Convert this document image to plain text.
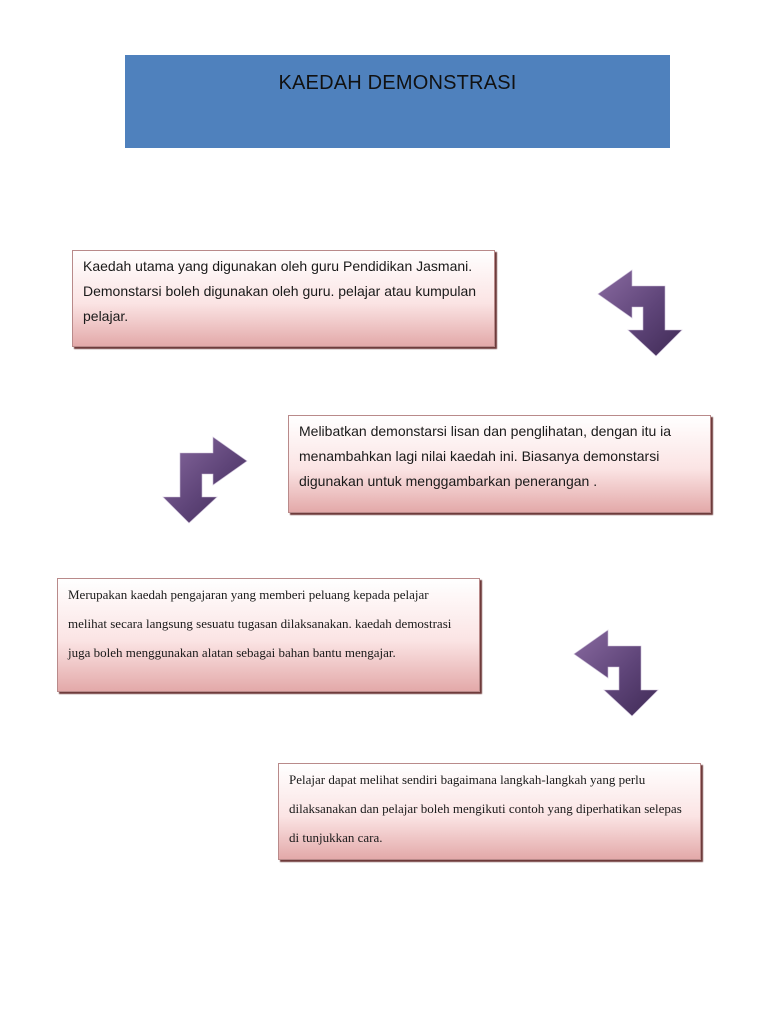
KAEDAH DEMONSTRASI
Kaedah utama yang digunakan oleh guru Pendidikan Jasmani. Demonstarsi boleh digunakan oleh guru. pelajar atau kumpulan pelajar.
Melibatkan demonstarsi lisan dan penglihatan, dengan itu ia menambahkan lagi nilai kaedah ini. Biasanya demonstarsi digunakan untuk menggambarkan penerangan .
Merupakan kaedah pengajaran yang memberi peluang kepada pelajar melihat secara langsung sesuatu tugasan dilaksanakan. kaedah demostrasi juga boleh menggunakan alatan sebagai bahan bantu mengajar.
Pelajar dapat melihat sendiri bagaimana langkah-langkah yang perlu dilaksanakan dan pelajar boleh mengikuti contoh yang diperhatikan selepas di tunjukkan cara.
